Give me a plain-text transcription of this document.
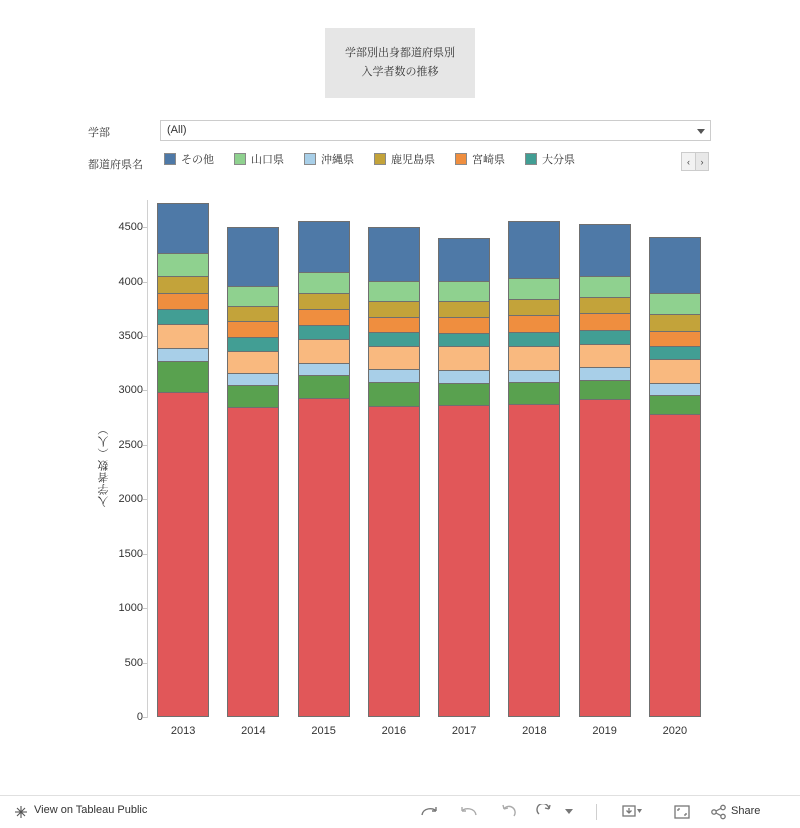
学部別出身都道府県別
入学者数の推移
学部	(All)
都道府県名	その他	山口県	沖縄県	鹿児島県	宮崎県	大分県	‹	›
入学者数（人）
0
500
1000
1500
2000
2500
3000
3500
4000
4500
2013	2014	2015	2016	2017	2018	2019	2020
View on Tableau Public	Share
